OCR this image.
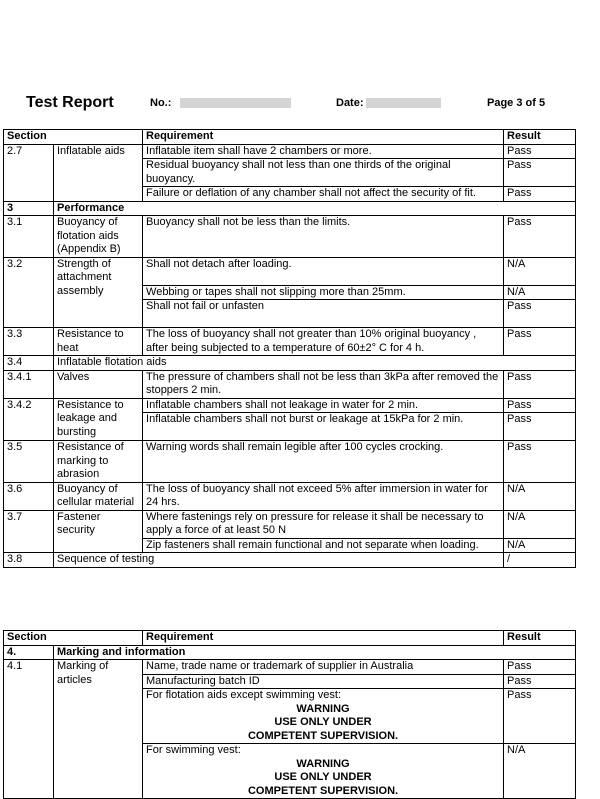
Test Report	No.:	Date:	Page 3 of 5
Section		Requirement	Result
2.7	Inflatable aids	Inflatable item shall have 2 chambers or more.	Pass
		Residual buoyancy shall not less than one thirds of the original buoyancy.	Pass
		Failure or deflation of any chamber shall not affect the security of fit.	Pass
3	Performance		
3.1	Buoyancy of flotation aids (Appendix B)	Buoyancy shall not be less than the limits.	Pass
3.2	Strength of attachment assembly	Shall not detach after loading.	N/A
		Webbing or tapes shall not slipping more than 25mm.	N/A
		Shall not fail or unfasten	Pass
3.3	Resistance to heat	The loss of buoyancy shall not greater than 10% original buoyancy , after being subjected to a temperature of 60±2° C for 4 h.	Pass
3.4	Inflatable flotation aids		
3.4.1	Valves	The pressure of chambers shall not be less than 3kPa after removed the stoppers 2 min.	Pass
3.4.2	Resistance to leakage and bursting	Inflatable chambers shall not leakage in water for 2 min.	Pass
		Inflatable chambers shall not burst or leakage at 15kPa for 2 min.	Pass
3.5	Resistance of marking to abrasion	Warning words shall remain legible after 100 cycles crocking.	Pass
3.6	Buoyancy of cellular material	The loss of buoyancy shall not exceed 5% after immersion in water for 24 hrs.	N/A
3.7	Fastener security	Where fastenings rely on pressure for release it shall be necessary to apply a force of at least 50 N	N/A
		Zip fasteners shall remain functional and not separate when loading.	N/A
3.8	Sequence of testing		/
Section		Requirement	Result
4.	Marking and information		
4.1	Marking of articles	Name, trade name or trademark of supplier in Australia	Pass
		Manufacturing batch ID	Pass

		For flotation aids except swimming vest:
WARNING
USE ONLY UNDER
COMPETENT SUPERVISION.	Pass

		For swimming vest:
WARNING
USE ONLY UNDER
COMPETENT SUPERVISION.	N/A
